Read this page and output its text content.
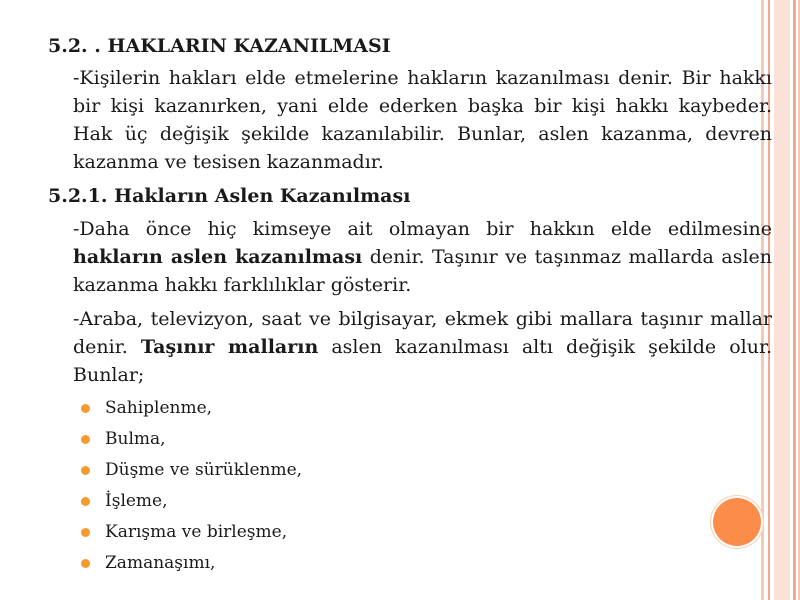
5.2. . HAKLARIN KAZANILMASI

-Kişilerin hakları elde etmelerine hakların kazanılması denir. Bir hakkı bir kişi kazanırken, yani elde ederken başka bir kişi hakkı kaybeder. Hak üç değişik şekilde kazanılabilir. Bunlar, aslen kazanma, devren kazanma ve tesisen kazanmadır.

5.2.1. Hakların Aslen Kazanılması

-Daha önce hiç kimseye ait olmayan bir hakkın elde edilmesine hakların aslen kazanılması denir. Taşınır ve taşınmaz mallarda aslen kazanma hakkı farklılıklar gösterir.

-Araba, televizyon, saat ve bilgisayar, ekmek gibi mallara taşınır mallar denir. Taşınır malların aslen kazanılması altı değişik şekilde olur. Bunlar;

Sahiplenme,
Bulma,
Düşme ve sürüklenme,
İşleme,
Karışma ve birleşme,
Zamanaşımı,
